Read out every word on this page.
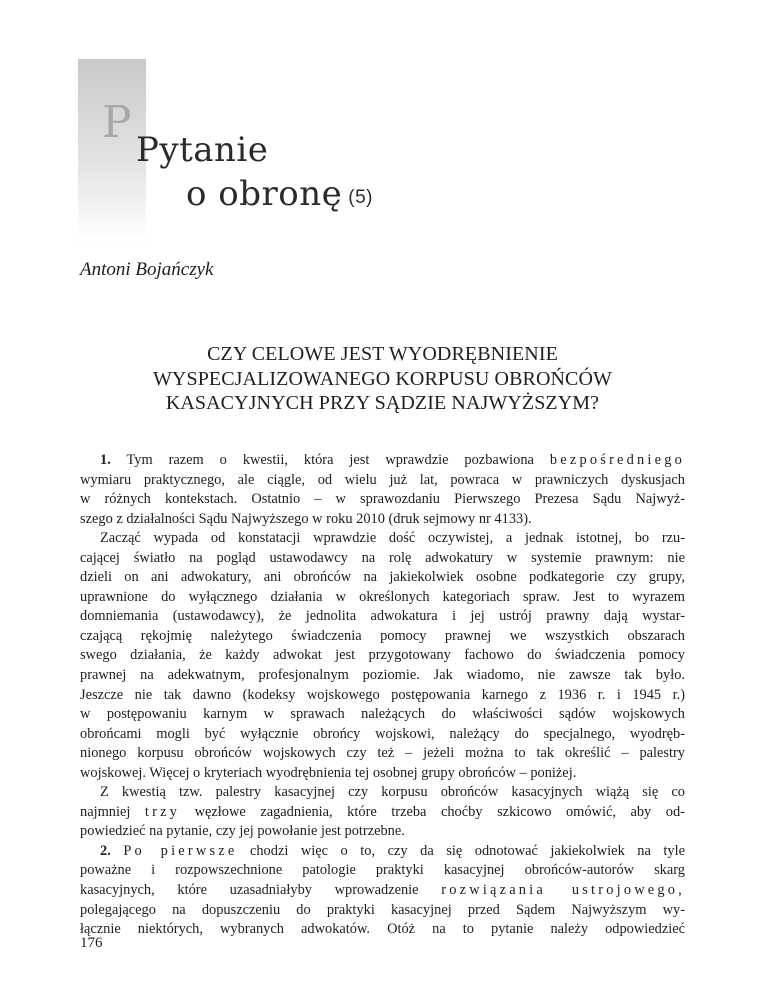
P
Pytanie
o obronę (5)
Antoni Bojańczyk
CZY CELOWE JEST WYODRĘBNIENIE
WYSPECJALIZOWANEGO KORPUSU OBROŃCÓW
KASACYJNYCH PRZY SĄDZIE NAJWYŻSZYM?
1. Tym razem o kwestii, która jest wprawdzie pozbawiona bezpośredniego
wymiaru praktycznego, ale ciągle, od wielu już lat, powraca w prawniczych dyskusjach
w różnych kontekstach. Ostatnio – w sprawozdaniu Pierwszego Prezesa Sądu Najwyż-
szego z działalności Sądu Najwyższego w roku 2010 (druk sejmowy nr 4133).
Zacząć wypada od konstatacji wprawdzie dość oczywistej, a jednak istotnej, bo rzu-
cającej światło na pogląd ustawodawcy na rolę adwokatury w systemie prawnym: nie
dzieli on ani adwokatury, ani obrońców na jakiekolwiek osobne podkategorie czy grupy,
uprawnione do wyłącznego działania w określonych kategoriach spraw. Jest to wyrazem
domniemania (ustawodawcy), że jednolita adwokatura i jej ustrój prawny dają wystar-
czającą rękojmię należytego świadczenia pomocy prawnej we wszystkich obszarach
swego działania, że każdy adwokat jest przygotowany fachowo do świadczenia pomocy
prawnej na adekwatnym, profesjonalnym poziomie. Jak wiadomo, nie zawsze tak było.
Jeszcze nie tak dawno (kodeksy wojskowego postępowania karnego z 1936 r. i 1945 r.)
w postępowaniu karnym w sprawach należących do właściwości sądów wojskowych
obrońcami mogli być wyłącznie obrońcy wojskowi, należący do specjalnego, wyodręb-
nionego korpusu obrońców wojskowych czy też – jeżeli można to tak określić – palestry
wojskowej. Więcej o kryteriach wyodrębnienia tej osobnej grupy obrońców – poniżej.
Z kwestią tzw. palestry kasacyjnej czy korpusu obrońców kasacyjnych wiążą się co
najmniej trzy węzłowe zagadnienia, które trzeba choćby szkicowo omówić, aby od-
powiedzieć na pytanie, czy jej powołanie jest potrzebne.
2. Po pierwsze chodzi więc o to, czy da się odnotować jakiekolwiek na tyle
poważne i rozpowszechnione patologie praktyki kasacyjnej obrońców-autorów skarg
kasacyjnych, które uzasadniałyby wprowadzenie rozwiązania ustrojowego,
polegającego na dopuszczeniu do praktyki kasacyjnej przed Sądem Najwyższym wy-
łącznie niektórych, wybranych adwokatów. Otóż na to pytanie należy odpowiedzieć
176
